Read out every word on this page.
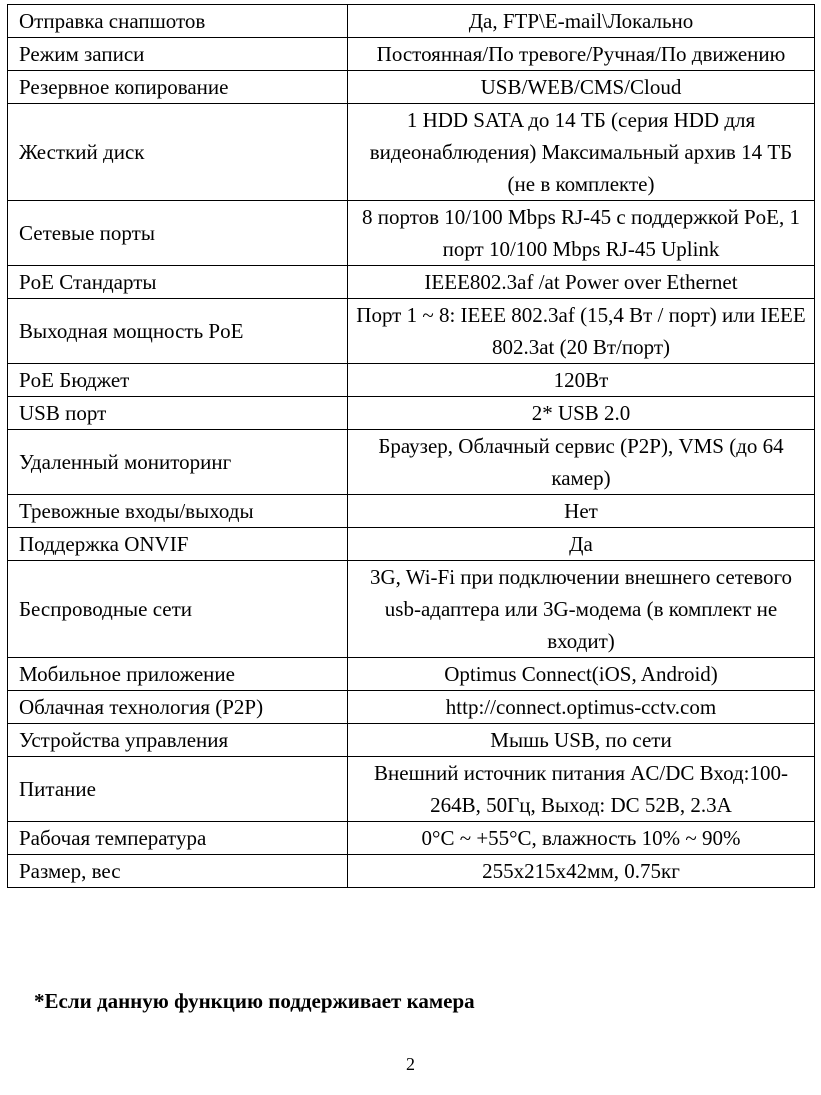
Отправка снапшотов	Да, FTP\E-mail\Локально
Режим записи	Постоянная/По тревоге/Ручная/По движению
Резервное копирование	USB/WEB/CMS/Cloud
Жесткий диск	1 HDD SATA до 14 ТБ (серия HDD для видеонаблюдения) Максимальный архив 14 ТБ (не в комплекте)
Сетевые порты	8 портов 10/100 Mbps RJ-45 с поддержкой PoE, 1 порт 10/100 Mbps RJ-45 Uplink
PoE Стандарты	IEEE802.3af /at Power over Ethernet
Выходная мощность PoE	Порт 1 ~ 8: IEEE 802.3af (15,4 Вт / порт) или IEEE 802.3at (20 Вт/порт)
PoE Бюджет	120Вт
USB порт	2* USB 2.0
Удаленный мониторинг	Браузер, Облачный сервис (P2P), VMS (до 64 камер)
Тревожные входы/выходы	Нет
Поддержка ONVIF	Да
Беспроводные сети	3G, Wi-Fi при подключении внешнего сетевого usb-адаптера или 3G-модема (в комплект не входит)
Мобильное приложение	Optimus Connect(iOS, Android)
Облачная технология (P2P)	http://connect.optimus-cctv.com
Устройства управления	Мышь USB, по сети
Питание	Внешний источник питания AC/DC Вход:100-264В, 50Гц, Выход: DC 52В, 2.3А
Рабочая температура	0°С ~ +55°С, влажность 10% ~ 90%
Размер, вес	255x215x42мм, 0.75кг
*Если данную функцию поддерживает камера
2
